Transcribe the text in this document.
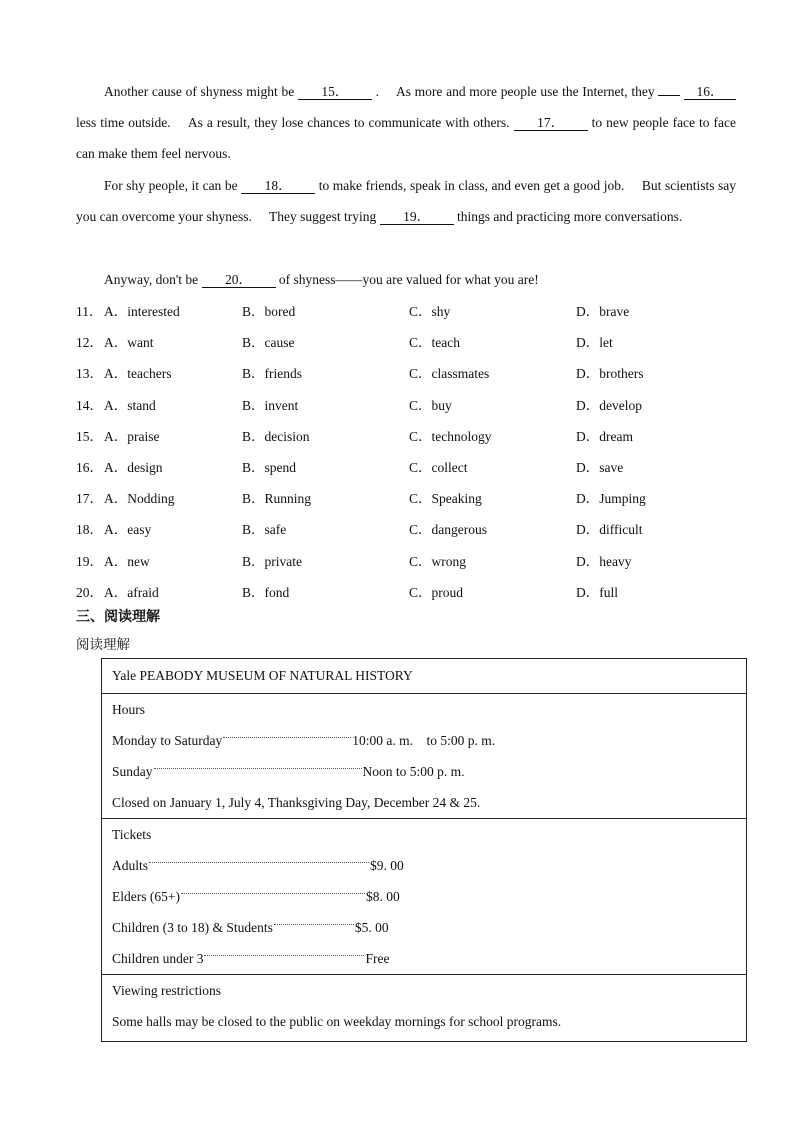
Another cause of shyness might be 15． . As more and more people use the Internet, they	16． less time outside. As a result, they lose chances to communicate with others. 17． to new people face to face can make them feel nervous.
For shy people, it can be 18． to make friends, speak in class, and even get a good job. But scientists say you can overcome your shyness. They suggest trying 19． things and practicing more conversations.
Anyway, don't be 20． of shyness——you are valued for what you are!
11． A．interested	B．bored	C．shy	D．brave
12． A．want	B．cause	C．teach	D．let
13． A．teachers	B．friends	C．classmates	D．brothers
14． A．stand	B．invent	C．buy	D．develop
15． A．praise	B．decision	C．technology	D．dream
16． A．design	B．spend	C．collect	D．save
17． A．Nodding	B．Running	C．Speaking	D．Jumping
18． A．easy	B．safe	C．dangerous	D．difficult
19． A．new	B．private	C．wrong	D．heavy
20． A．afraid	B．fond	C．proud	D．full
三、阅读理解
阅读理解
Yale PEABODY MUSEUM OF NATURAL HISTORY
Hours
Monday to Saturday	10:00 a. m.　to 5:00 p. m.
Sunday	Noon to 5:00 p. m.
Closed on January 1, July 4, Thanksgiving Day, December 24 & 25.
Tickets
Adults	$9. 00
Elders (65+)	$8. 00
Children (3 to 18) & Students	$5. 00
Children under 3	Free
Viewing restrictions
Some halls may be closed to the public on weekday mornings for school programs.
